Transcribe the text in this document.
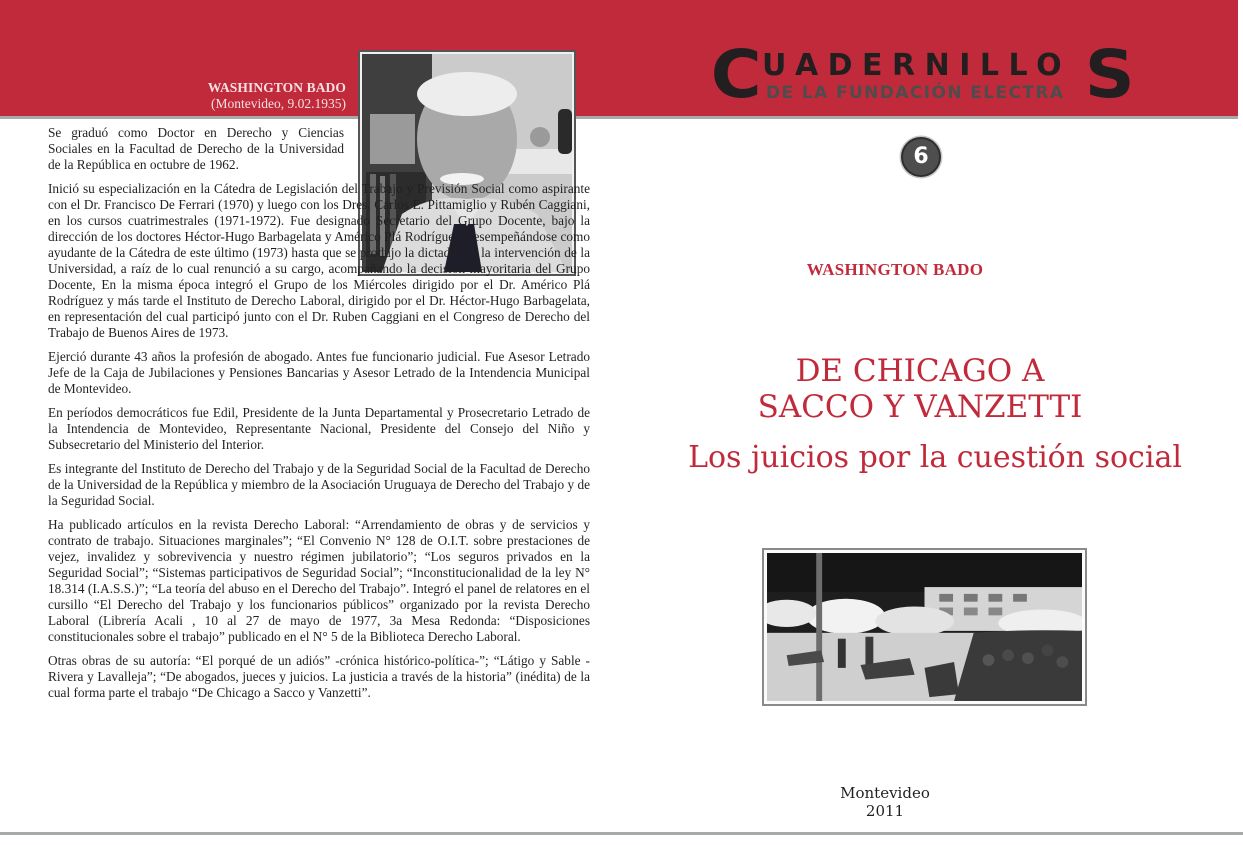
WASHINGTON BADO
(Montevideo, 9.02.1935)

Se graduó como Doctor en Derecho y Ciencias Sociales en la Facultad de Derecho de la Universidad de la República en octubre de 1962.

Inició su especialización en la Cátedra de Legislación del Trabajo y Previsión Social como aspirante con el Dr. Francisco De Ferrari (1970) y luego con los Dres. Carlos E. Pittamiglio y Rubén Caggiani, en los cursos cuatrimestrales (1971-1972). Fue designado Secretario del Grupo Docente, bajo la dirección de los doctores Héctor-Hugo Barbagelata y Américo Plá Rodríguez, desempeñándose como ayudante de la Cátedra de este último (1973) hasta que se produjo la dictadura y la intervención de la Universidad, a raíz de lo cual renunció a su cargo, acompañando la decisión mayoritaria del Grupo Docente, En la misma época integró el Grupo de los Miércoles dirigido por el Dr. Américo Plá Rodríguez y más tarde el Instituto de Derecho Laboral, dirigido por el Dr. Héctor-Hugo Barbagelata, en representación del cual participó junto con el Dr. Ruben Caggiani en el Congreso de Derecho del Trabajo de Buenos Aires de 1973.

Ejerció durante 43 años la profesión de abogado. Antes fue funcionario judicial. Fue Asesor Letrado Jefe de la Caja de Jubilaciones y Pensiones Bancarias y Asesor Letrado de la Intendencia Municipal de Montevideo.

En períodos democráticos fue Edil, Presidente de la Junta Departamental y Prosecretario Letrado de la Intendencia de Montevideo, Representante Nacional, Presidente del Consejo del Niño y Subsecretario del Ministerio del Interior.

Es integrante del Instituto de Derecho del Trabajo y de la Seguridad Social de la Facultad de Derecho de la Universidad de la República y miembro de la Asociación Uruguaya de Derecho del Trabajo y de la Seguridad Social.

Ha publicado artículos en la revista Derecho Laboral: “Arrendamiento de obras y de servicios y contrato de trabajo. Situaciones marginales”; “El Convenio N° 128 de O.I.T. sobre prestaciones de vejez, invalidez y sobrevivencia y nuestro régimen jubilatorio”; “Los seguros privados en la Seguridad Social”; “Sistemas participativos de Seguridad Social”; “Inconstitucionalidad de la ley N° 18.314 (I.A.S.S.)”; “La teoría del abuso en el Derecho del Trabajo”. Integró el panel de relatores en el cursillo “El Derecho del Trabajo y los funcionarios públicos” organizado por la revista Derecho Laboral (Librería Acali , 10 al 27 de mayo de 1977, 3a Mesa Redonda: “Disposiciones constitucionales sobre el trabajo” publicado en el N° 5 de la Biblioteca Derecho Laboral.

Otras obras de su autoría: “El porqué de un adiós” -crónica histórico-política-”; “Látigo y Sable - Rivera y Lavalleja”; “De abogados, jueces y juicios. La justicia a través de la historia” (inédita) de la cual forma parte el trabajo “De Chicago a Sacco y Vanzetti”.

C UADERNILLO
DE LA FUNDACIÓN ELECTRA S
6
WASHINGTON BADO
DE CHICAGO A
SACCO Y VANZETTI
Los juicios por la cuestión social
Montevideo
2011
